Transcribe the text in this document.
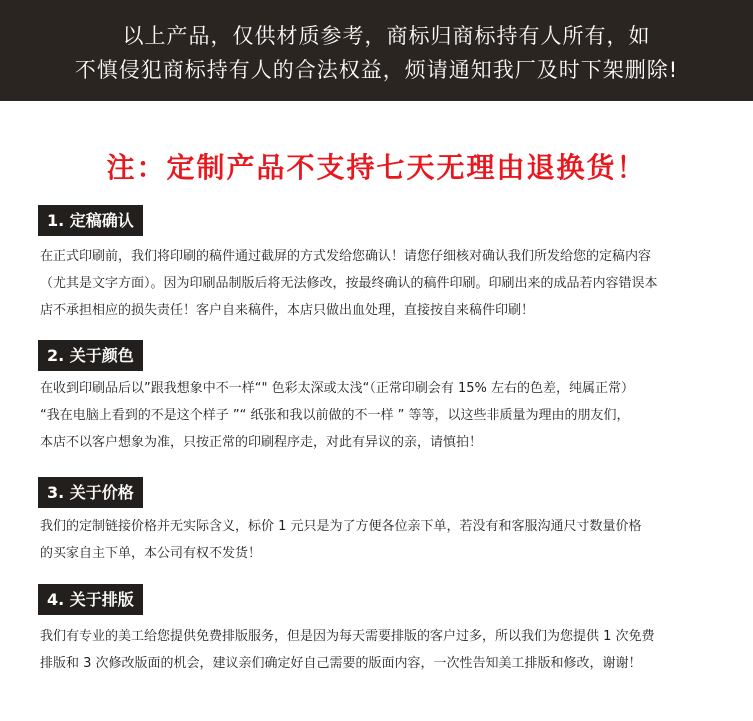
以上产品，仅供材质参考，商标归商标持有人所有，如
不慎侵犯商标持有人的合法权益，烦请通知我厂及时下架删除!
注：定制产品不支持七天无理由退换货！
1. 定稿确认

在正式印刷前，我们将印刷的稿件通过截屏的方式发给您确认！请您仔细核对确认我们所发给您的定稿内容

（尤其是文字方面）。因为印刷品制版后将无法修改，按最终确认的稿件印刷。印刷出来的成品若内容错误本

店不承担相应的损失责任！客户自来稿件，本店只做出血处理，直接按自来稿件印刷！

2. 关于颜色

在收到印刷品后以”跟我想象中不一样“" 色彩太深或太浅“（正常印刷会有 15% 左右的色差，纯属正常）

“我在电脑上看到的不是这个样子 ”“ 纸张和我以前做的不一样 ” 等等，以这些非质量为理由的朋友们，

本店不以客户想象为准，只按正常的印刷程序走，对此有异议的亲，请慎拍！

3. 关于价格

我们的定制链接价格并无实际含义，标价 1 元只是为了方便各位亲下单，若没有和客服沟通尺寸数量价格

的买家自主下单，本公司有权不发货！

4. 关于排版

我们有专业的美工给您提供免费排版服务，但是因为每天需要排版的客户过多，所以我们为您提供 1 次免费

排版和 3 次修改版面的机会，建议亲们确定好自己需要的版面内容，一次性告知美工排版和修改，谢谢！
